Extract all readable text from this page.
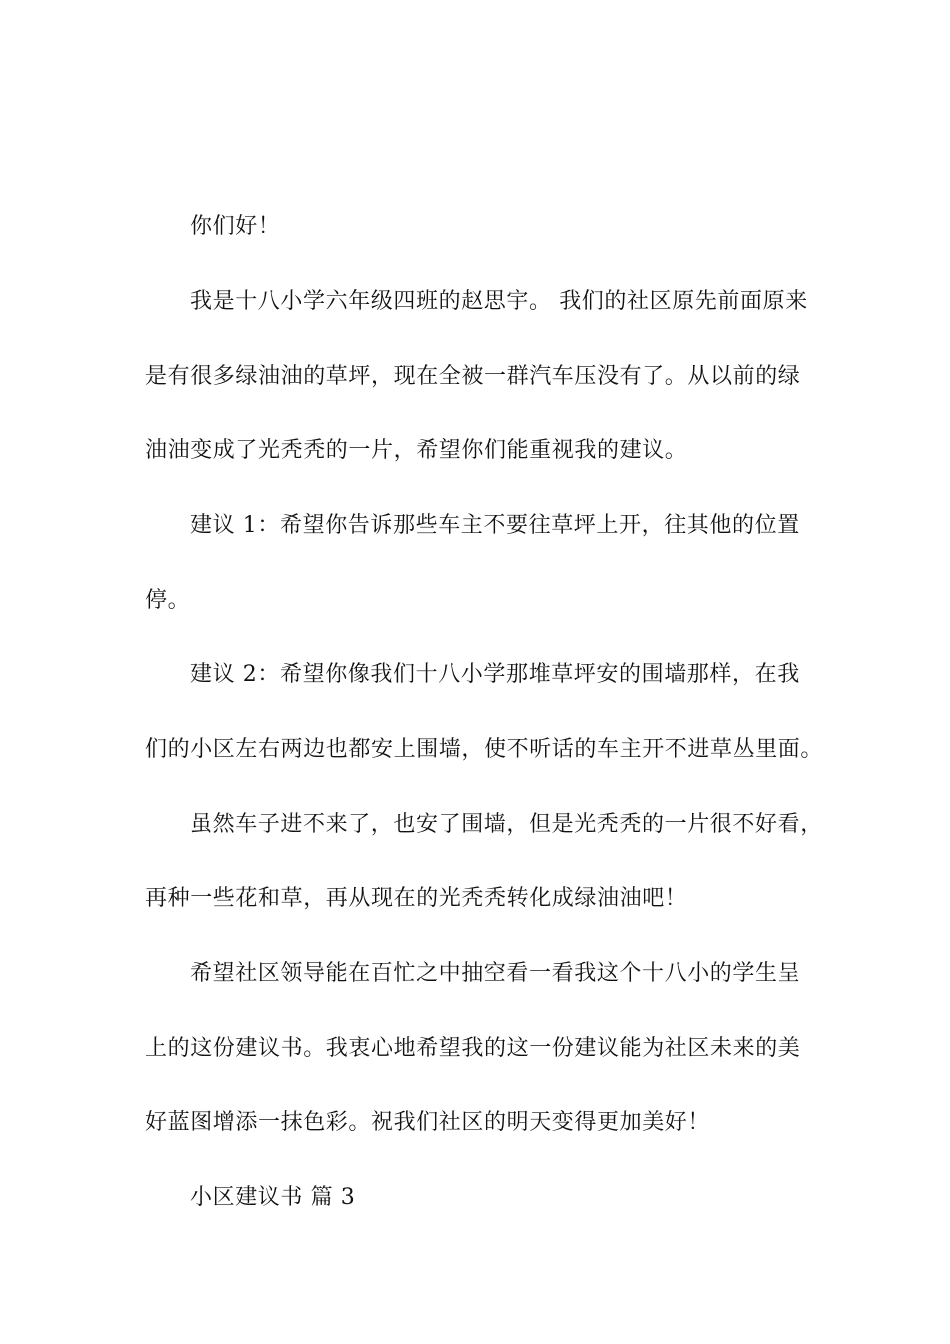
你们好！
我是十八小学六年级四班的赵思宇。 我们的社区原先前面原来
是有很多绿油油的草坪，现在全被一群汽车压没有了。从以前的绿
油油变成了光秃秃的一片，希望你们能重视我的建议。
建议 1：希望你告诉那些车主不要往草坪上开，往其他的位置
停。
建议 2：希望你像我们十八小学那堆草坪安的围墙那样，在我
们的小区左右两边也都安上围墙，使不听话的车主开不进草丛里面。
虽然车子进不来了，也安了围墙，但是光秃秃的一片很不好看，
再种一些花和草，再从现在的光秃秃转化成绿油油吧！
希望社区领导能在百忙之中抽空看一看我这个十八小的学生呈
上的这份建议书。我衷心地希望我的这一份建议能为社区未来的美
好蓝图增添一抹色彩。祝我们社区的明天变得更加美好！
小区建议书 篇 3
